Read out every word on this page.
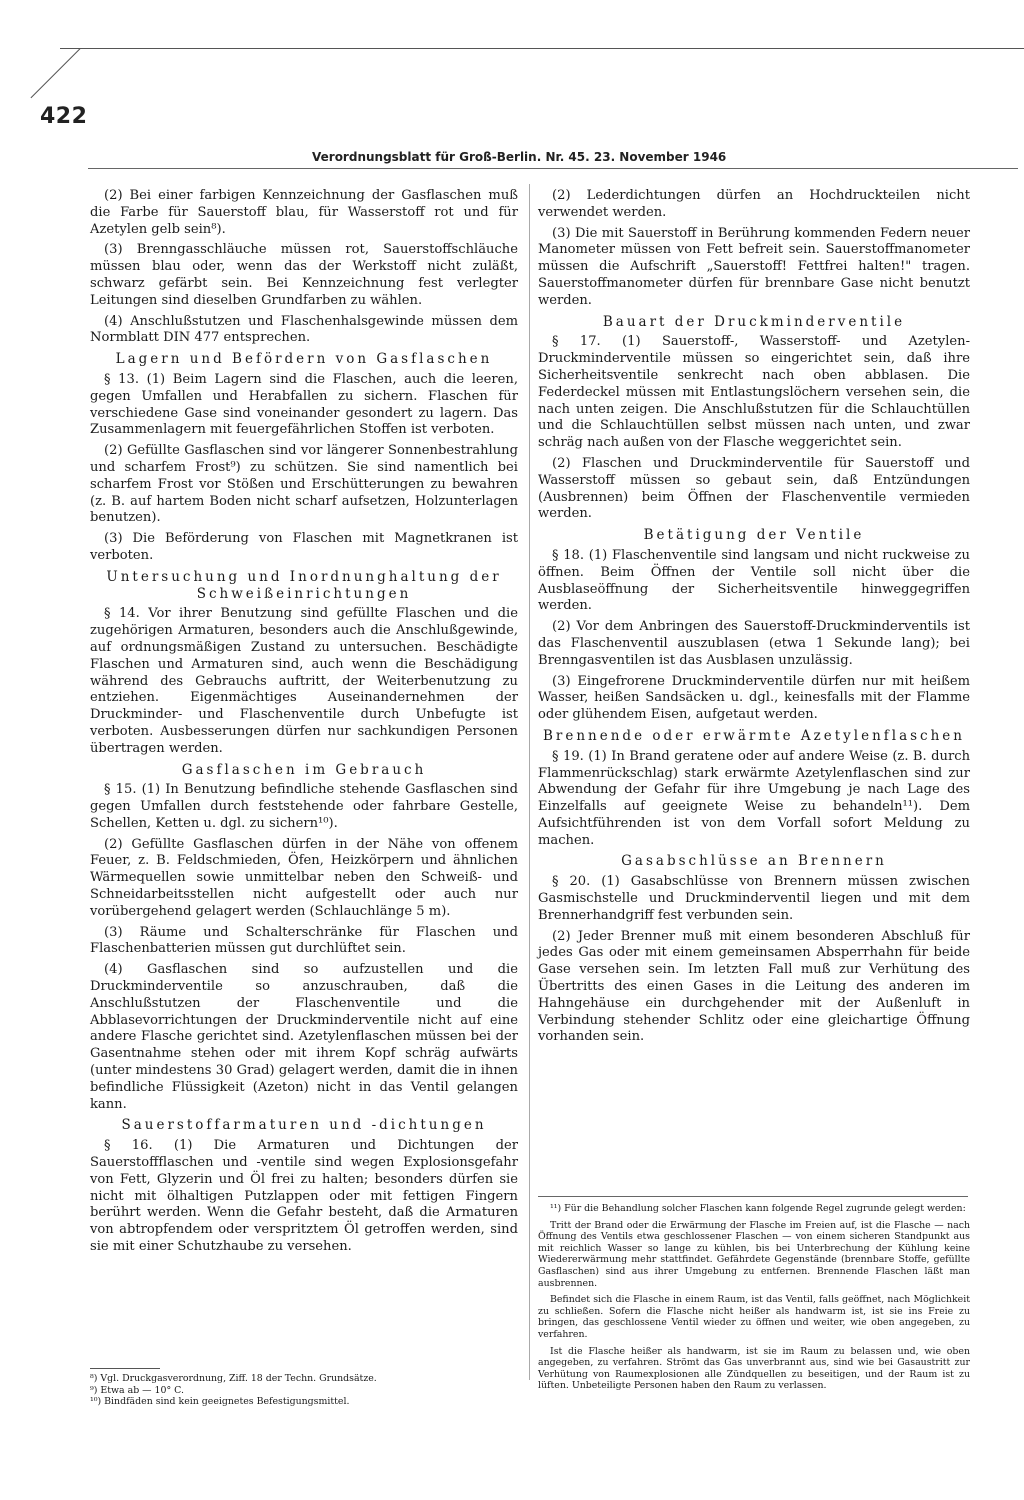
422
Verordnungsblatt für Groß-Berlin. Nr. 45. 23. November 1946

(2) Bei einer farbigen Kennzeichnung der Gasflaschen muß die Farbe für Sauerstoff blau, für Wasserstoff rot und für Azetylen gelb sein⁸).

(3) Brenngasschläuche müssen rot, Sauerstoffschläuche müssen blau oder, wenn das der Werkstoff nicht zuläßt, schwarz gefärbt sein. Bei Kennzeichnung fest verlegter Leitungen sind dieselben Grundfarben zu wählen.

(4) Anschlußstutzen und Flaschenhalsgewinde müssen dem Normblatt DIN 477 entsprechen.

Lagern und Befördern von Gasflaschen

§ 13. (1) Beim Lagern sind die Flaschen, auch die leeren, gegen Umfallen und Herabfallen zu sichern. Flaschen für verschiedene Gase sind voneinander gesondert zu lagern. Das Zusammenlagern mit feuergefährlichen Stoffen ist verboten.

(2) Gefüllte Gasflaschen sind vor längerer Sonnenbestrahlung und scharfem Frost⁹) zu schützen. Sie sind namentlich bei scharfem Frost vor Stößen und Erschütterungen zu bewahren (z. B. auf hartem Boden nicht scharf aufsetzen, Holzunterlagen benutzen).

(3) Die Beförderung von Flaschen mit Magnetkranen ist verboten.

Untersuchung und Inordnunghaltung der Schweißeinrichtungen

§ 14. Vor ihrer Benutzung sind gefüllte Flaschen und die zugehörigen Armaturen, besonders auch die Anschlußgewinde, auf ordnungsmäßigen Zustand zu untersuchen. Beschädigte Flaschen und Armaturen sind, auch wenn die Beschädigung während des Gebrauchs auftritt, der Weiterbenutzung zu entziehen. Eigenmächtiges Auseinandernehmen der Druckminder- und Flaschenventile durch Unbefugte ist verboten. Ausbesserungen dürfen nur sachkundigen Personen übertragen werden.

Gasflaschen im Gebrauch

§ 15. (1) In Benutzung befindliche stehende Gasflaschen sind gegen Umfallen durch feststehende oder fahrbare Gestelle, Schellen, Ketten u. dgl. zu sichern¹⁰).

(2) Gefüllte Gasflaschen dürfen in der Nähe von offenem Feuer, z. B. Feldschmieden, Öfen, Heizkörpern und ähnlichen Wärmequellen sowie unmittelbar neben den Schweiß- und Schneidarbeitsstellen nicht aufgestellt oder auch nur vorübergehend gelagert werden (Schlauchlänge 5 m).

(3) Räume und Schalterschränke für Flaschen und Flaschenbatterien müssen gut durchlüftet sein.

(4) Gasflaschen sind so aufzustellen und die Druckminderventile so anzuschrauben, daß die Anschlußstutzen der Flaschenventile und die Abblasevorrichtungen der Druckminderventile nicht auf eine andere Flasche gerichtet sind. Azetylenflaschen müssen bei der Gasentnahme stehen oder mit ihrem Kopf schräg aufwärts (unter mindestens 30 Grad) gelagert werden, damit die in ihnen befindliche Flüssigkeit (Azeton) nicht in das Ventil gelangen kann.

Sauerstoffarmaturen und -dichtungen

§ 16. (1) Die Armaturen und Dichtungen der Sauerstoffflaschen und -ventile sind wegen Explosionsgefahr von Fett, Glyzerin und Öl frei zu halten; besonders dürfen sie nicht mit ölhaltigen Putzlappen oder mit fettigen Fingern berührt werden. Wenn die Gefahr besteht, daß die Armaturen von abtropfendem oder verspritztem Öl getroffen werden, sind sie mit einer Schutzhaube zu versehen.

(2) Lederdichtungen dürfen an Hochdruckteilen nicht verwendet werden.

(3) Die mit Sauerstoff in Berührung kommenden Federn neuer Manometer müssen von Fett befreit sein. Sauerstoffmanometer müssen die Aufschrift „Sauerstoff! Fettfrei halten!" tragen. Sauerstoffmanometer dürfen für brennbare Gase nicht benutzt werden.

Bauart der Druckminderventile

§ 17. (1) Sauerstoff-, Wasserstoff- und Azetylen-Druckminderventile müssen so eingerichtet sein, daß ihre Sicherheitsventile senkrecht nach oben abblasen. Die Federdeckel müssen mit Entlastungslöchern versehen sein, die nach unten zeigen. Die Anschlußstutzen für die Schlauchtüllen und die Schlauchtüllen selbst müssen nach unten, und zwar schräg nach außen von der Flasche weggerichtet sein.

(2) Flaschen und Druckminderventile für Sauerstoff und Wasserstoff müssen so gebaut sein, daß Entzündungen (Ausbrennen) beim Öffnen der Flaschenventile vermieden werden.

Betätigung der Ventile

§ 18. (1) Flaschenventile sind langsam und nicht ruckweise zu öffnen. Beim Öffnen der Ventile soll nicht über die Ausblaseöffnung der Sicherheitsventile hinweggegriffen werden.

(2) Vor dem Anbringen des Sauerstoff-Druckminderventils ist das Flaschenventil auszublasen (etwa 1 Sekunde lang); bei Brenngasventilen ist das Ausblasen unzulässig.

(3) Eingefrorene Druckminderventile dürfen nur mit heißem Wasser, heißen Sandsäcken u. dgl., keinesfalls mit der Flamme oder glühendem Eisen, aufgetaut werden.

Brennende oder erwärmte Azetylenflaschen

§ 19. (1) In Brand geratene oder auf andere Weise (z. B. durch Flammenrückschlag) stark erwärmte Azetylenflaschen sind zur Abwendung der Gefahr für ihre Umgebung je nach Lage des Einzelfalls auf geeignete Weise zu behandeln¹¹). Dem Aufsichtführenden ist von dem Vorfall sofort Meldung zu machen.

Gasabschlüsse an Brennern

§ 20. (1) Gasabschlüsse von Brennern müssen zwischen Gasmischstelle und Druckminderventil liegen und mit dem Brennerhandgriff fest verbunden sein.

(2) Jeder Brenner muß mit einem besonderen Abschluß für jedes Gas oder mit einem gemeinsamen Absperrhahn für beide Gase versehen sein. Im letzten Fall muß zur Verhütung des Übertritts des einen Gases in die Leitung des anderen im Hahngehäuse ein durchgehender mit der Außenluft in Verbindung stehender Schlitz oder eine gleichartige Öffnung vorhanden sein.

⁸) Vgl. Druckgasverordnung, Ziff. 18 der Techn. Grundsätze.
⁹) Etwa ab — 10° C.
¹⁰) Bindfäden sind kein geeignetes Befestigungsmittel.

¹¹) Für die Behandlung solcher Flaschen kann folgende Regel zugrunde gelegt werden:

Tritt der Brand oder die Erwärmung der Flasche im Freien auf, ist die Flasche — nach Öffnung des Ventils etwa geschlossener Flaschen — von einem sicheren Standpunkt aus mit reichlich Wasser so lange zu kühlen, bis bei Unterbrechung der Kühlung keine Wiedererwärmung mehr stattfindet. Gefährdete Gegenstände (brennbare Stoffe, gefüllte Gasflaschen) sind aus ihrer Umgebung zu entfernen. Brennende Flaschen läßt man ausbrennen.

Befindet sich die Flasche in einem Raum, ist das Ventil, falls geöffnet, nach Möglichkeit zu schließen. Sofern die Flasche nicht heißer als handwarm ist, ist sie ins Freie zu bringen, das geschlossene Ventil wieder zu öffnen und weiter, wie oben angegeben, zu verfahren.

Ist die Flasche heißer als handwarm, ist sie im Raum zu belassen und, wie oben angegeben, zu verfahren. Strömt das Gas unverbrannt aus, sind wie bei Gasaustritt zur Verhütung von Raumexplosionen alle Zündquellen zu beseitigen, und der Raum ist zu lüften. Unbeteiligte Personen haben den Raum zu verlassen.
